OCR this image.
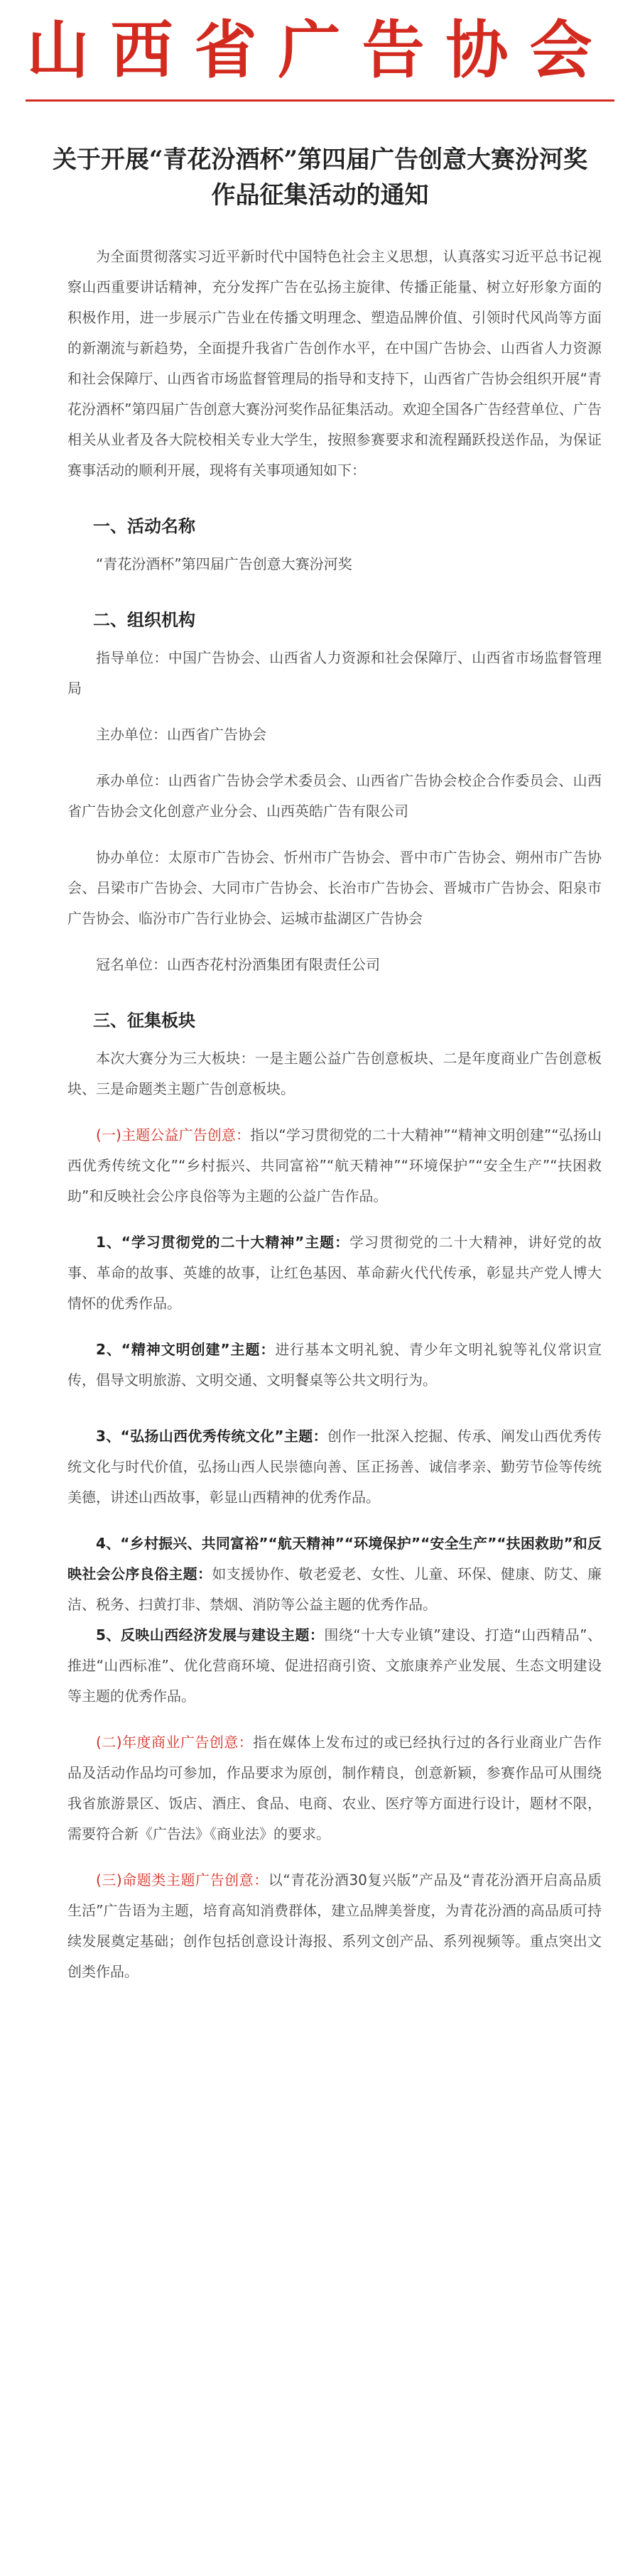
山西省广告协会
关于开展“青花汾酒杯”第四届广告创意大赛汾河奖作品征集活动的通知

为全面贯彻落实习近平新时代中国特色社会主义思想，认真落实习近平总书记视察山西重要讲话精神，充分发挥广告在弘扬主旋律、传播正能量、树立好形象方面的积极作用，进一步展示广告业在传播文明理念、塑造品牌价值、引领时代风尚等方面的新潮流与新趋势，全面提升我省广告创作水平，在中国广告协会、山西省人力资源和社会保障厅、山西省市场监督管理局的指导和支持下，山西省广告协会组织开展“青花汾酒杯”第四届广告创意大赛汾河奖作品征集活动。欢迎全国各广告经营单位、广告相关从业者及各大院校相关专业大学生，按照参赛要求和流程踊跃投送作品，为保证赛事活动的顺利开展，现将有关事项通知如下：

一、活动名称

“青花汾酒杯”第四届广告创意大赛汾河奖

二、组织机构

指导单位：中国广告协会、山西省人力资源和社会保障厅、山西省市场监督管理局

主办单位：山西省广告协会

承办单位：山西省广告协会学术委员会、山西省广告协会校企合作委员会、山西省广告协会文化创意产业分会、山西英皓广告有限公司

协办单位：太原市广告协会、忻州市广告协会、晋中市广告协会、朔州市广告协会、吕梁市广告协会、大同市广告协会、长治市广告协会、晋城市广告协会、阳泉市广告协会、临汾市广告行业协会、运城市盐湖区广告协会

冠名单位：山西杏花村汾酒集团有限责任公司

三、征集板块

本次大赛分为三大板块：一是主题公益广告创意板块、二是年度商业广告创意板块、三是命题类主题广告创意板块。

(一)主题公益广告创意：指以“学习贯彻党的二十大精神”“精神文明创建”“弘扬山西优秀传统文化”“乡村振兴、共同富裕”“航天精神”“环境保护”“安全生产”“扶困救助”和反映社会公序良俗等为主题的公益广告作品。

1、“学习贯彻党的二十大精神”主题：学习贯彻党的二十大精神，讲好党的故事、革命的故事、英雄的故事，让红色基因、革命薪火代代传承，彰显共产党人博大情怀的优秀作品。

2、“精神文明创建”主题：进行基本文明礼貌、青少年文明礼貌等礼仪常识宣传，倡导文明旅游、文明交通、文明餐桌等公共文明行为。

3、“弘扬山西优秀传统文化”主题：创作一批深入挖掘、传承、阐发山西优秀传统文化与时代价值，弘扬山西人民崇德向善、匡正扬善、诚信孝亲、勤劳节俭等传统美德，讲述山西故事，彰显山西精神的优秀作品。

4、“乡村振兴、共同富裕”“航天精神”“环境保护”“安全生产”“扶困救助”和反映社会公序良俗主题：如支援协作、敬老爱老、女性、儿童、环保、健康、防艾、廉洁、税务、扫黄打非、禁烟、消防等公益主题的优秀作品。

5、反映山西经济发展与建设主题：围绕“十大专业镇”建设、打造“山西精品”、推进“山西标准”、优化营商环境、促进招商引资、文旅康养产业发展、生态文明建设等主题的优秀作品。

(二)年度商业广告创意：指在媒体上发布过的或已经执行过的各行业商业广告作品及活动作品均可参加，作品要求为原创，制作精良，创意新颖，参赛作品可从围绕我省旅游景区、饭店、酒庄、食品、电商、农业、医疗等方面进行设计，题材不限，需要符合新《广告法》《商业法》的要求。

(三)命题类主题广告创意：以“青花汾酒30复兴版”产品及“青花汾酒开启高品质生活”广告语为主题，培育高知消费群体，建立品牌美誉度，为青花汾酒的高品质可持续发展奠定基础；创作包括创意设计海报、系列文创产品、系列视频等。重点突出文创类作品。
